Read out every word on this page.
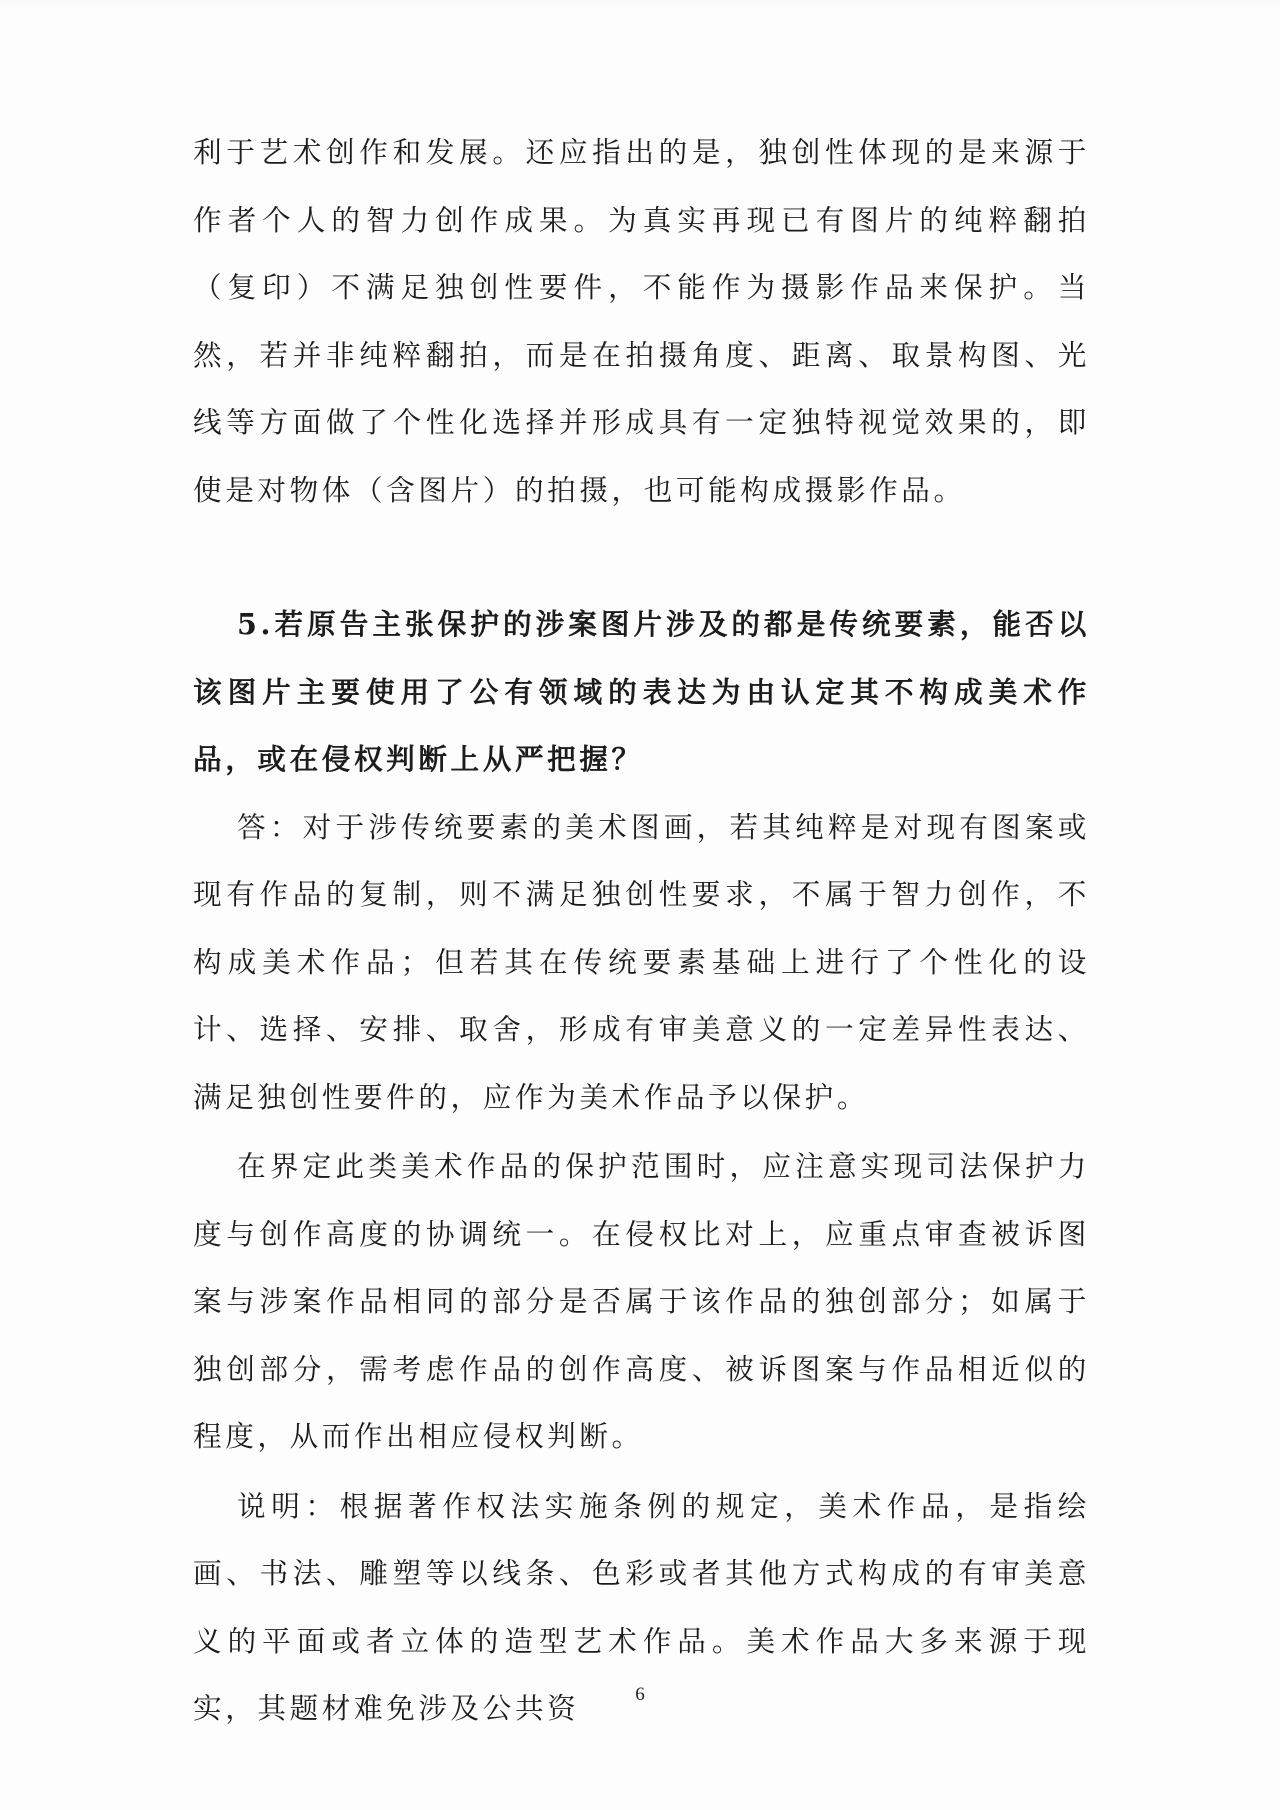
利于艺术创作和发展。还应指出的是，独创性体现的是来源于作者个人的智力创作成果。为真实再现已有图片的纯粹翻拍（复印）不满足独创性要件，不能作为摄影作品来保护。当然，若并非纯粹翻拍，而是在拍摄角度、距离、取景构图、光线等方面做了个性化选择并形成具有一定独特视觉效果的，即使是对物体（含图片）的拍摄，也可能构成摄影作品。

5.若原告主张保护的涉案图片涉及的都是传统要素，能否以该图片主要使用了公有领域的表达为由认定其不构成美术作品，或在侵权判断上从严把握？

答：对于涉传统要素的美术图画，若其纯粹是对现有图案或现有作品的复制，则不满足独创性要求，不属于智力创作，不构成美术作品；但若其在传统要素基础上进行了个性化的设计、选择、安排、取舍，形成有审美意义的一定差异性表达、满足独创性要件的，应作为美术作品予以保护。

在界定此类美术作品的保护范围时，应注意实现司法保护力度与创作高度的协调统一。在侵权比对上，应重点审查被诉图案与涉案作品相同的部分是否属于该作品的独创部分；如属于独创部分，需考虑作品的创作高度、被诉图案与作品相近似的程度，从而作出相应侵权判断。

说明：根据著作权法实施条例的规定，美术作品，是指绘画、书法、雕塑等以线条、色彩或者其他方式构成的有审美意义的平面或者立体的造型艺术作品。美术作品大多来源于现实，其题材难免涉及公共资	6
